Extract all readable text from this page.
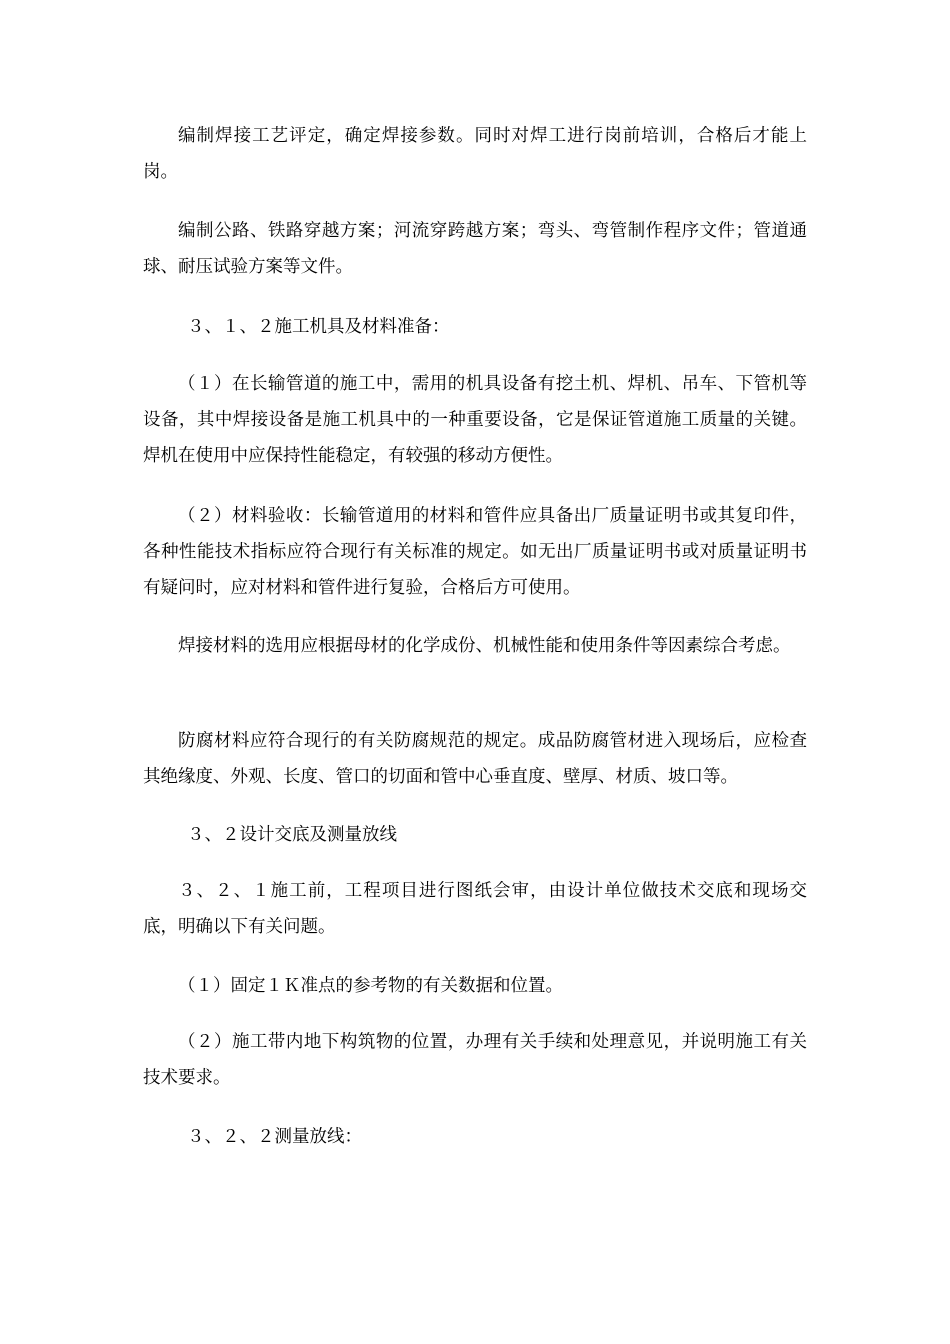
编制焊接工艺评定，确定焊接参数。同时对焊工进行岗前培训，合格后才能上岗。

编制公路、铁路穿越方案；河流穿跨越方案；弯头、弯管制作程序文件；管道通球、耐压试验方案等文件。

３、１、２施工机具及材料准备：

（１）在长输管道的施工中，需用的机具设备有挖土机、焊机、吊车、下管机等设备，其中焊接设备是施工机具中的一种重要设备，它是保证管道施工质量的关键。焊机在使用中应保持性能稳定，有较强的移动方便性。

（２）材料验收：长输管道用的材料和管件应具备出厂质量证明书或其复印件，各种性能技术指标应符合现行有关标准的规定。如无出厂质量证明书或对质量证明书有疑问时，应对材料和管件进行复验，合格后方可使用。

焊接材料的选用应根据母材的化学成份、机械性能和使用条件等因素综合考虑。

防腐材料应符合现行的有关防腐规范的规定。成品防腐管材进入现场后，应检查其绝缘度、外观、长度、管口的切面和管中心垂直度、壁厚、材质、坡口等。

３、２设计交底及测量放线

３、２、１施工前，工程项目进行图纸会审，由设计单位做技术交底和现场交底，明确以下有关问题。

（１）固定１Ｋ准点的参考物的有关数据和位置。

（２）施工带内地下构筑物的位置，办理有关手续和处理意见，并说明施工有关技术要求。

３、２、２测量放线：
